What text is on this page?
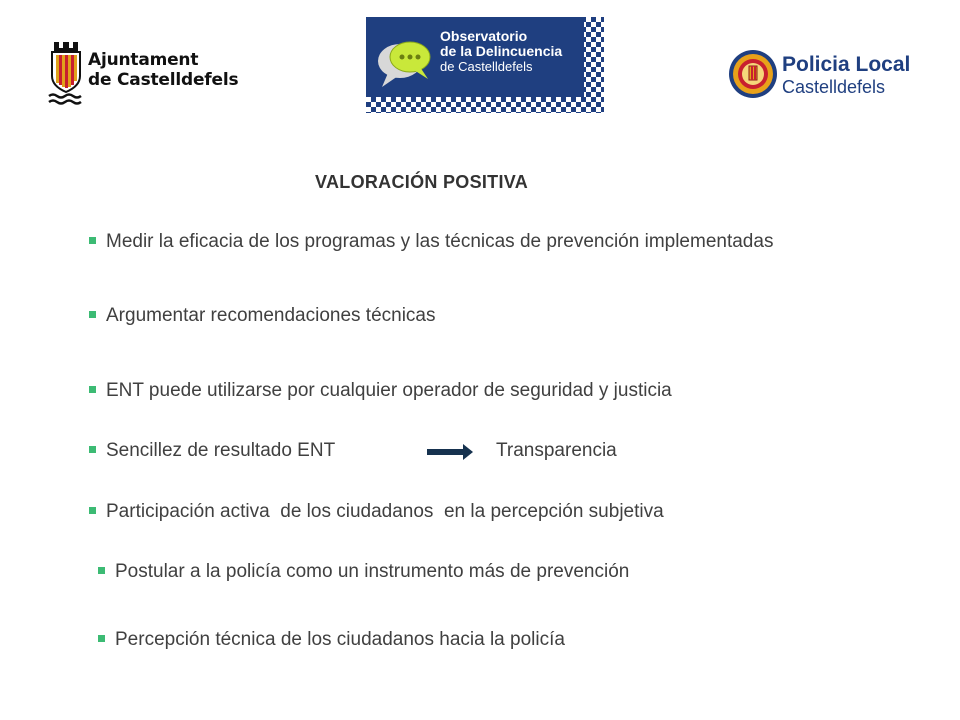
Ajuntament
de Castelldefels
Observatorio
de la Delincuencia
de Castelldefels	Policia Local
Castelldefels
VALORACIÓN POSITIVA
Medir la eficacia de los programas y las técnicas de prevención implementadas
Argumentar recomendaciones técnicas
ENT puede utilizarse por cualquier operador de seguridad y justicia
Sencillez de resultado ENT	Transparencia
Participación activa  de los ciudadanos  en la percepción subjetiva
Postular a la policía como un instrumento más de prevención
Percepción técnica de los ciudadanos hacia la policía
